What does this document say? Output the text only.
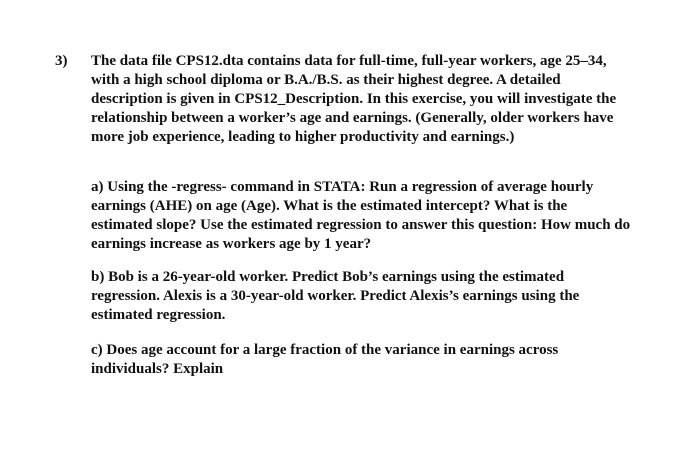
3) The data file CPS12.dta contains data for full-time, full-year workers, age 25–34,
with a high school diploma or B.A./B.S. as their highest degree. A detailed
description is given in CPS12_Description. In this exercise, you will investigate the
relationship between a worker’s age and earnings. (Generally, older workers have
more job experience, leading to higher productivity and earnings.)
a) Using the -regress- command in STATA: Run a regression of average hourly
earnings (AHE) on age (Age). What is the estimated intercept? What is the
estimated slope? Use the estimated regression to answer this question: How much do
earnings increase as workers age by 1 year?
b) Bob is a 26-year-old worker. Predict Bob’s earnings using the estimated
regression. Alexis is a 30-year-old worker. Predict Alexis’s earnings using the
estimated regression.
c) Does age account for a large fraction of the variance in earnings across
individuals? Explain
